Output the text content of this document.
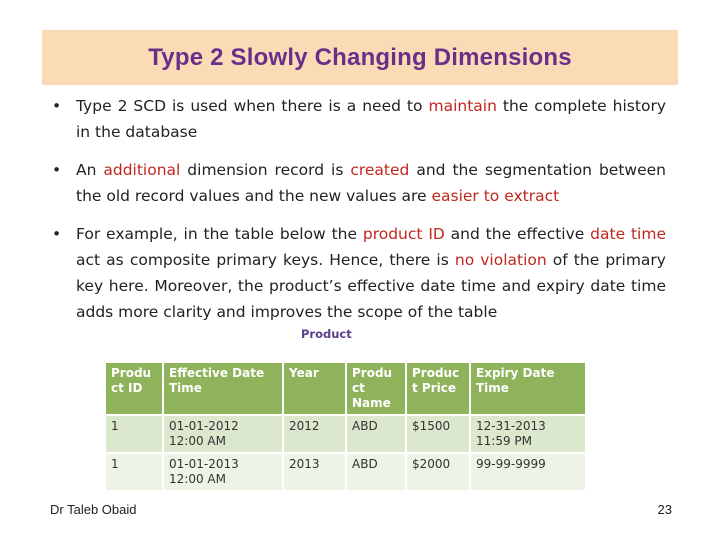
Type 2 Slowly Changing Dimensions
• Type 2 SCD is used when there is a need to maintain the complete history in the database
• An additional dimension record is created and the segmentation between the old record values and the new values are easier to extract
• For example, in the table below the product ID and the effective date time act as composite primary keys. Hence, there is no violation of the primary key here. Moreover, the product’s effective date time and expiry date time adds more clarity and improves the scope of the table
Product
Produ ct ID	Effective Date Time	Year	Produ ct Name	Produc t Price	Expiry Date Time
1	01-01-2012 12:00 AM	2012	ABD	$1500	12-31-2013 11:59 PM
1	01-01-2013 12:00 AM	2013	ABD	$2000	99-99-9999
Dr Taleb Obaid	23
